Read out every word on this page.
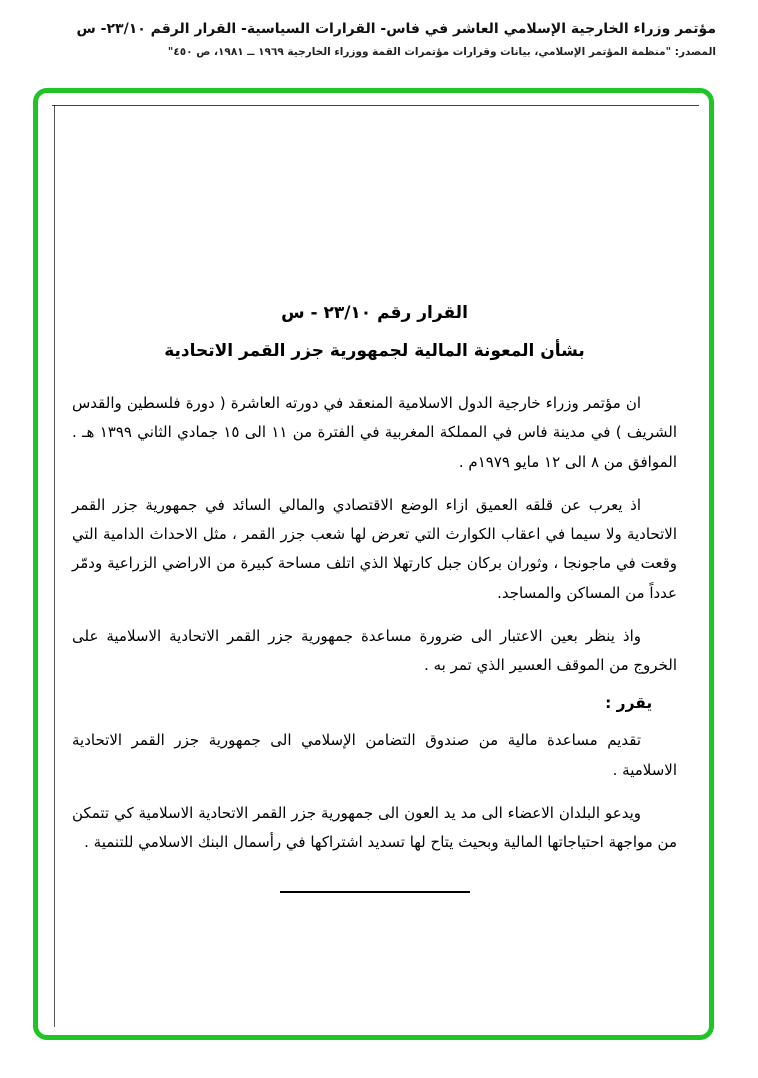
مؤتمر وزراء الخارجية الإسلامي العاشر في فاس- القرارات السياسية- القرار الرقم ٢٣/١٠- س
المصدر: "منظمة المؤتمر الإسلامي، بيانات وقرارات مؤتمرات القمة ووزراء الخارجية ١٩٦٩ ــ ١٩٨١، ص ٤٥٠"
القرار رقم ٢٣/١٠ - س
بشأن المعونة المالية لجمهورية جزر القمر الاتحادية

ان مؤتمر وزراء خارجية الدول الاسلامية المنعقد في دورته العاشرة ( دورة فلسطين والقدس الشريف ) في مدينة فاس في المملكة المغربية في الفترة من ١١ الى ١٥ جمادي الثاني ١٣٩٩ هـ . الموافق من ٨ الى ١٢ مايو ١٩٧٩م .

اذ يعرب عن قلقه العميق ازاء الوضع الاقتصادي والمالي السائد في جمهورية جزر القمر الاتحادية ولا سيما في اعقاب الكوارث التي تعرض لها شعب جزر القمر ، مثل الاحداث الدامية التي وقعت في ماجونجا ، وثوران بركان جبل كارتهلا الذي اتلف مساحة كبيرة من الاراضي الزراعية ودمّر عدداً من المساكن والمساجد.

واذ ينظر بعين الاعتبار الى ضرورة مساعدة جمهورية جزر القمر الاتحادية الاسلامية على الخروج من الموقف العسير الذي تمر به .

يقرر :

تقديم مساعدة مالية من صندوق التضامن الإسلامي الى جمهورية جزر القمر الاتحادية الاسلامية .

ويدعو البلدان الاعضاء الى مد يد العون الى جمهورية جزر القمر الاتحادية الاسلامية كي تتمكن من مواجهة احتياجاتها المالية وبحيث يتاح لها تسديد اشتراكها في رأسمال البنك الاسلامي للتنمية .
